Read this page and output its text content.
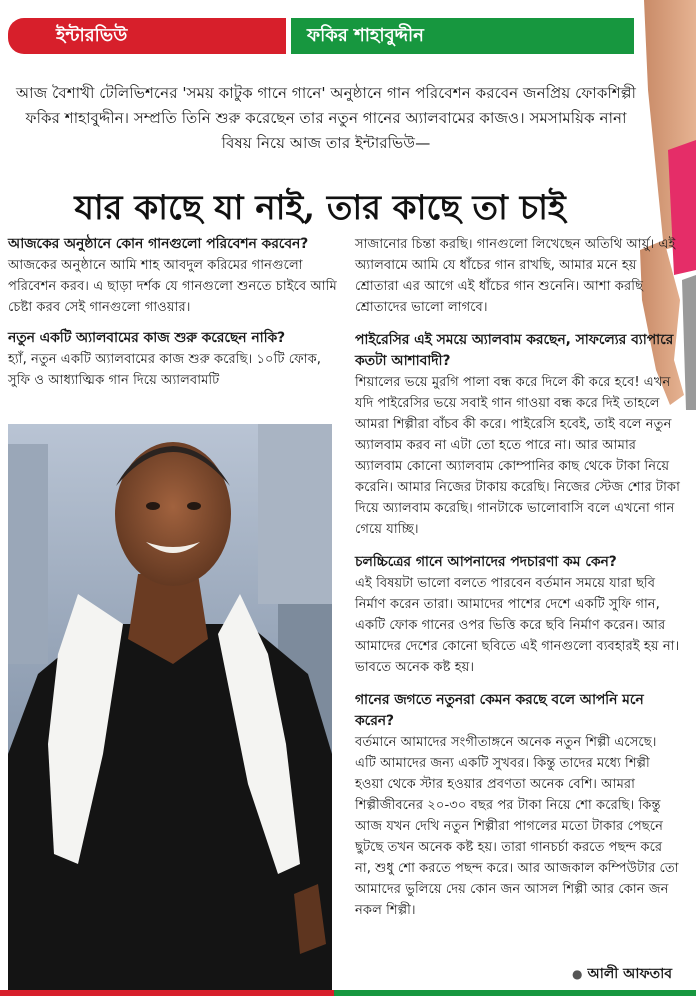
ইন্টারভিউ	ফকির শাহাবুদ্দীন

আজ বৈশাখী টেলিভিশনের 'সময় কাটুক গানে গানে' অনুষ্ঠানে গান পরিবেশন করবেন জনপ্রিয় ফোকশিল্পী ফকির শাহাবুদ্দীন। সম্প্রতি তিনি শুরু করেছেন তার নতুন গানের অ্যালবামের কাজও। সমসাময়িক নানা বিষয় নিয়ে আজ তার ইন্টারভিউ—

যার কাছে যা নাই, তার কাছে তা চাই

আজকের অনুষ্ঠানে কোন গানগুলো পরিবেশন করবেন?

আজকের অনুষ্ঠানে আমি শাহ আবদুল করিমের গানগুলো পরিবেশন করব। এ ছাড়া দর্শক যে গানগুলো শুনতে চাইবে আমি চেষ্টা করব সেই গানগুলো গাওয়ার।

নতুন একটি অ্যালবামের কাজ শুরু করেছেন নাকি?

হ্যাঁ, নতুন একটি অ্যালবামের কাজ শুরু করেছি। ১০টি ফোক, সুফি ও আধ্যাত্মিক গান দিয়ে অ্যালবামটি

সাজানোর চিন্তা করছি। গানগুলো লিখেছেন অতিথি আর্য়ু। এই অ্যালবামে আমি যে ধাঁচের গান রাখছি, আমার মনে হয় শ্রোতারা এর আগে এই ধাঁচের গান শুনেনি। আশা করছি শ্রোতাদের ভালো লাগবে।

পাইরেসির এই সময়ে অ্যালবাম করছেন, সাফল্যের ব্যাপারে কতটা আশাবাদী?

শিয়ালের ভয়ে মুরগি পালা বন্ধ করে দিলে কী করে হবে! এখন যদি পাইরেসির ভয়ে সবাই গান গাওয়া বন্ধ করে দিই তাহলে আমরা শিল্পীরা বাঁচব কী করে। পাইরেসি হবেই, তাই বলে নতুন অ্যালবাম করব না এটা তো হতে পারে না। আর আমার অ্যালবাম কোনো অ্যালবাম কোম্পানির কাছ থেকে টাকা নিয়ে করেনি। আমার নিজের টাকায় করেছি। নিজের স্টেজ শোর টাকা দিয়ে অ্যালবাম করেছি। গানটাকে ভালোবাসি বলে এখনো গান গেয়ে যাচ্ছি।

চলচ্চিত্রের গানে আপনাদের পদচারণা কম কেন?

এই বিষয়টা ভালো বলতে পারবেন বর্তমান সময়ে যারা ছবি নির্মাণ করেন তারা। আমাদের পাশের দেশে একটি সুফি গান, একটি ফোক গানের ওপর ভিত্তি করে ছবি নির্মাণ করেন। আর আমাদের দেশের কোনো ছবিতে এই গানগুলো ব্যবহারই হয় না। ভাবতে অনেক কষ্ট হয়।

গানের জগতে নতুনরা কেমন করছে বলে আপনি মনে করেন?

বর্তমানে আমাদের সংগীতাঙ্গনে অনেক নতুন শিল্পী এসেছে। এটি আমাদের জন্য একটি সুখবর। কিন্তু তাদের মধ্যে শিল্পী হওয়া থেকে স্টার হওয়ার প্রবণতা অনেক বেশি। আমরা শিল্পীজীবনের ২০-৩০ বছর পর টাকা নিয়ে শো করেছি। কিন্তু আজ যখন দেখি নতুন শিল্পীরা পাগলের মতো টাকার পেছনে ছুটছে তখন অনেক কষ্ট হয়। তারা গানচর্চা করতে পছন্দ করে না, শুধু শো করতে পছন্দ করে। আর আজকাল কম্পিউটার তো আমাদের ভুলিয়ে দেয় কোন জন আসল শিল্পী আর কোন জন নকল শিল্পী।

● আলী আফতাব
